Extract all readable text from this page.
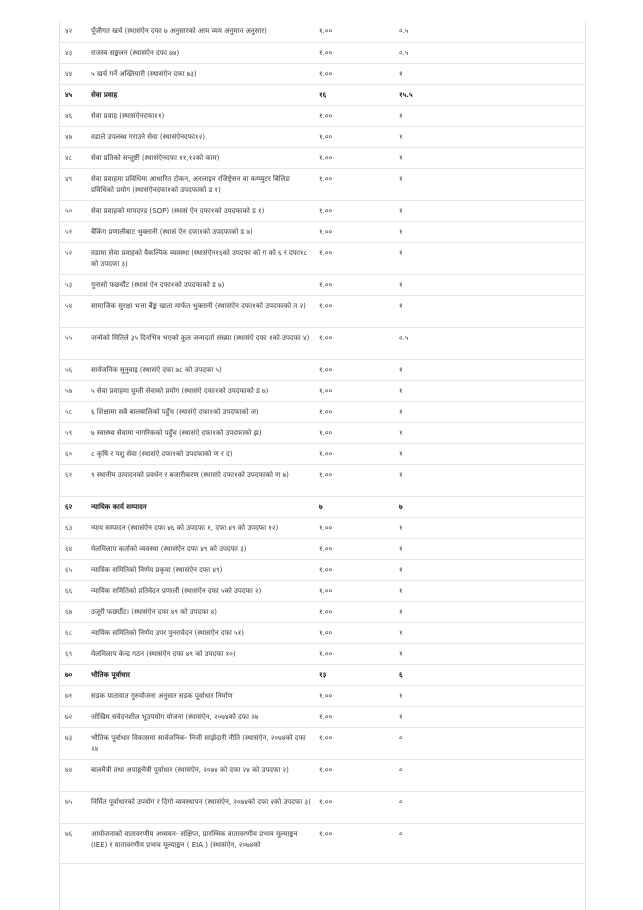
४२	पूँजीगत खर्च (स्थासंऐन दफा ७ अनुसारको आय व्यय अनुमान अनुसार)	१.००	०.५
४३	राजस्व सङ्कलन (स्थासंऐन दफा ७४)	१.००	०.५
४४	५ खर्च गर्ने अख्तियारी (स्थासंऐन दफा ७३)	१.००	१
४५	सेवा प्रवाह	१६	१५.५
४६	सेवा प्रवाह (स्थासंऐनदफा११)	१.००	१
४७	वडाले उपलब्ध गराउने सेवा (स्थासंऐनदफा१२)	१.००	१
४८	सेवा प्रतिको सन्तुष्टी (स्थासंऐनदफा ११,१२को काम)	१.००	१
४९	सेवा प्रवाहमा प्रविधिमा आधारित टोकन, अनलाइन रजिष्ट्रेसन वा कम्प्युटर बिलिङ प्रविधिको प्रयोग (स्थासंऐनदफा१को उपदफाको ड १)	१.००	१
५०	सेवा प्रवाहको मापदण्ड (SOP) (स्थासं ऐन दफा१को उपदफाको ड १)	१.००	१
५१	बैंकिंग प्रणालीबाट भुक्तानी (स्थासं ऐन दफा१को उपदफाको ड ७)	१.००	१
५२	वडामा सेवा प्रवाहको वैकल्पिक व्यवस्था (स्थासंऐन१६को उपदफा को ग को ६ र दफा१८ को उपदफा ३)	१.००	१
५३	गुनासो फछर्यौट (स्थासं ऐन दफा१को उपदफाको ड ७)	१.००	१
५४	सामाजिक सुरक्षा भत्ता बैंङ्क खाता मार्फत भुक्तानी (स्थासंऐन दफा१को उपदफाको त २)	१.००	१
५५	जन्मेको मितिले ३५ दिनभित्र भएको कुल जन्मदर्ता संख्या (स्थासंऐ दफा १को उपदफा ४)	१.००	०.५
५६	सार्वजनिक सुनुवाइ (स्थासंऐ दफा ७८ को उपदफा ५)	१.००	१
५७	५ सेवा प्रवाहमा घुम्ती सेवाको प्रयोग (स्थासंऐ दफा१को उपदफाको ड ७)	१.००	१
५८	६ शिक्षामा सबै बालबालिको पहुँच (स्थासंऐ दफा१को उपदफाको ज)	१.००	१
५९	७ स्वास्थ्य सेवामा नागरिकको पहुँच (स्थासंऐ दफा१को उपदफाको झ)	१.००	१
६०	८ कृषि र पशु सेवा (स्थासंऐ दफा१को उपदफाको ण र द)	१.००	१
६१	९ स्थानीय उत्पादनको प्रवर्धन र बजारीकरण (स्थासंऐ दफा१को उपदफाको ण ७)	१.००	१
६२	न्यायिक कार्य सम्पादन	७	७
६३	न्याय सम्पादन (स्थासंऐन दफा ४६ को उपदफा १, दफा ४९ को उपदफा १२)	१.००	१
६४	मेलमिलाप कर्ताको व्यवस्था (स्थासंऐन दफा ४९ को उपदफा ३)	१.००	१
६५	न्यायिक समितिको निर्णय प्रकृया (स्थासंऐन दफा ४९)	१.००	१
६६	न्यायिक समितिको प्रतिवेदन प्रणाली (स्थासंऐन दफा ५को उपदफा २)	१.००	१
६७	उजूरी फर्छ्यौट। (स्थासंऐन दफा ४९ को उपदफा ४)	१.००	१
६८	न्यायिक समितिको निर्णय उपर पुनरावेदन (स्थासंऐन दफा ५१)	१.००	१
६९	मेलमिलाप केन्द्र गठन (स्थासंऐन दफा ४९ को उपदफा १०)	१.००	१
७०	भौतिक पूर्वाधार	१३	६
७१	सडक यातायात गुरुयोजना अनुसार सडक पूर्वाधार निर्माण	१.००	१
७२	जोखिम संवेदनशील भूउपयोग योजना (स्थासंऐन, २०७४को दफा २७	१.००	१
७३	भौतिक पूर्वाधार विकासमा सार्वजनिक- निजी साझेदारी नीति (स्थासंऐन, २०७४को दफा २४	१.००	०
७४	बालमैत्री तथा अपाङ्गमैत्री पूर्वाधार (स्थासंऐन, २०७४ को दफा २४ को उपदफा २)	१.००	०
७५	निर्मित पूर्वाधारको उपयोग र दिगो व्यवस्थापन (स्थासंऐन, २०७४को दफा २को उपदफा ३)	१.००	०
७६	आयोजनाको वातावरणीय अध्ययन- संक्षिप्त, प्रारम्भिक वातावरणीय प्रभाव मूल्याङ्कन (IEE) र वातावरणीय प्रभाव मूल्याङ्कन ( EIA ) (स्थासंऐन, २०७४को	१.००	०
